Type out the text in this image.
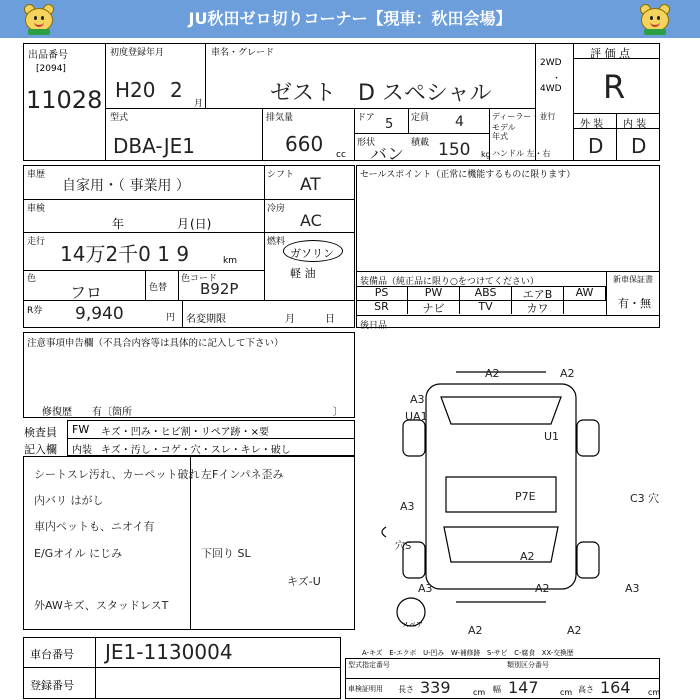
JU秋田ゼロ切りコーナー【現車：秋田会場】
出品番号
[2094]
11028
初度登録年月
H20 2
月
車名・グレード
ゼスト　D スペシャル
2WD
・
4WD
評 価 点
R
型式
DBA-JE1
排気量
660 cc
ドア 5 定員 4
形状
バン
積載 150 kg
ディーラー・並行
モデル
年式
ハンドル 左・右
外 装 内 装
D D
車歴
自家用・（ 事業用 ）
シフト AT
車検
年	月 (日)
冷房
AC
走行 14万2千0 1 9	km
燃料
ガソリン
軽 油
色
フロ	色替
色コード
B92P
R券 9,940	円 名変期限	月	日
セールスポイント（正常に機能するものに限ります）
装備品（純正品に限り○をつけてください）	新車保証書
有・無
PS	PW	ABS	エアB	AW
SR	ナビ	TV	カワ
後日品
注意事項申告欄（不具合内容等は具体的に記入して下さい）
修復歴 有〔箇所	〕
検査員
記入欄
FW キズ・凹み・ヒビ割・リペア跡・×要
内装 キズ・汚し・コゲ・穴・スレ・キレ・破し
シートスレ汚れ、カーペット破れ
内バリ はがし
車内ペットも、ニオイ有
E/Gオイル にじみ
外AWキズ、スタッドレスT
左Fインパネ歪み
下回り SL
キズ-U
A2	A2
A3
UA1
U1
A3
P7E	C3 穴
A3	A2	A3
A2	A2
穴S
A2
スペア
A-キズ　E-エクボ　U-凹み　W-補修跡　S-サビ　C-腐食　XX-交換歴
車台番号 JE1-1130004
登録番号
型式指定番号	類別区分番号
車検証明用 長さ 339	cm 幅 147	cm 高さ 164 cm
